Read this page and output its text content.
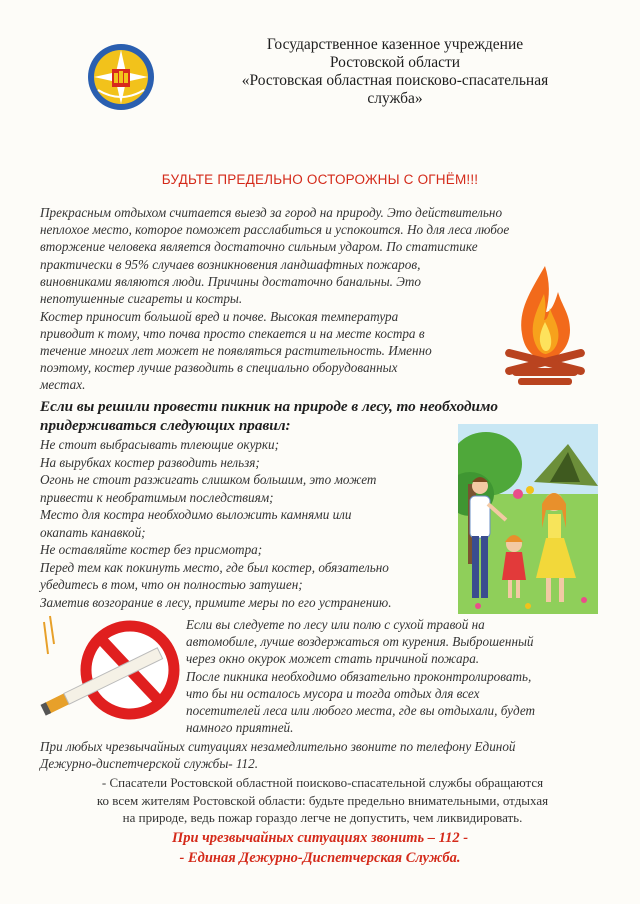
Государственное казенное учреждение
Ростовской области
«Ростовская областная поисково-спасательная
служба»
БУДЬТЕ ПРЕДЕЛЬНО ОСТОРОЖНЫ С ОГНЁМ!!!
Прекрасным отдыхом считается выезд за город на природу. Это действительно
неплохое место, которое поможет расслабиться и успокоится. Но для леса любое
вторжение человека является достаточно сильным ударом. По статистике
практически в 95% случаев возникновения ландшафтных пожаров,
виновниками являются люди. Причины достаточно банальны. Это
непотушенные сигареты и костры.
Костер приносит большой вред и почве. Высокая температура
приводит к тому, что почва просто спекается и на месте костра в
течение многих лет может не появляться растительность. Именно
поэтому, костер лучше разводить в специально оборудованных
местах.
Если вы решили провести пикник на природе в лесу, то необходимо
придерживаться следующих правил:
Не стоит выбрасывать тлеющие окурки;
На вырубках костер разводить нельзя;
Огонь не стоит разжигать слишком большим, это может
привести к необратимым последствиям;
Место для костра необходимо выложить камнями или
окапать канавкой;
Не оставляйте костер без присмотра;
Перед тем как покинуть место, где был костер, обязательно
убедитесь в том, что он полностью затушен;
Заметив возгорание в лесу, примите меры по его устранению.
Если вы следуете по лесу или полю с сухой травой на
автомобиле, лучше воздержаться от курения. Выброшенный
через окно окурок может стать причиной пожара.
После пикника необходимо обязательно проконтролировать,
что бы ни осталось мусора и тогда отдых для всех
посетителей леса или любого места, где вы отдыхали, будет
намного приятней.
При любых чрезвычайных ситуациях незамедлительно звоните по телефону Единой
Дежурно-диспетчерской службы- 112.
- Спасатели Ростовской областной поисково-спасательной службы обращаются
ко всем жителям Ростовской области: будьте предельно внимательными, отдыхая
на природе, ведь пожар гораздо легче не допустить, чем ликвидировать.
При чрезвычайных ситуациях звонить – 112 -
- Единая Дежурно-Диспетчерская Служба.
